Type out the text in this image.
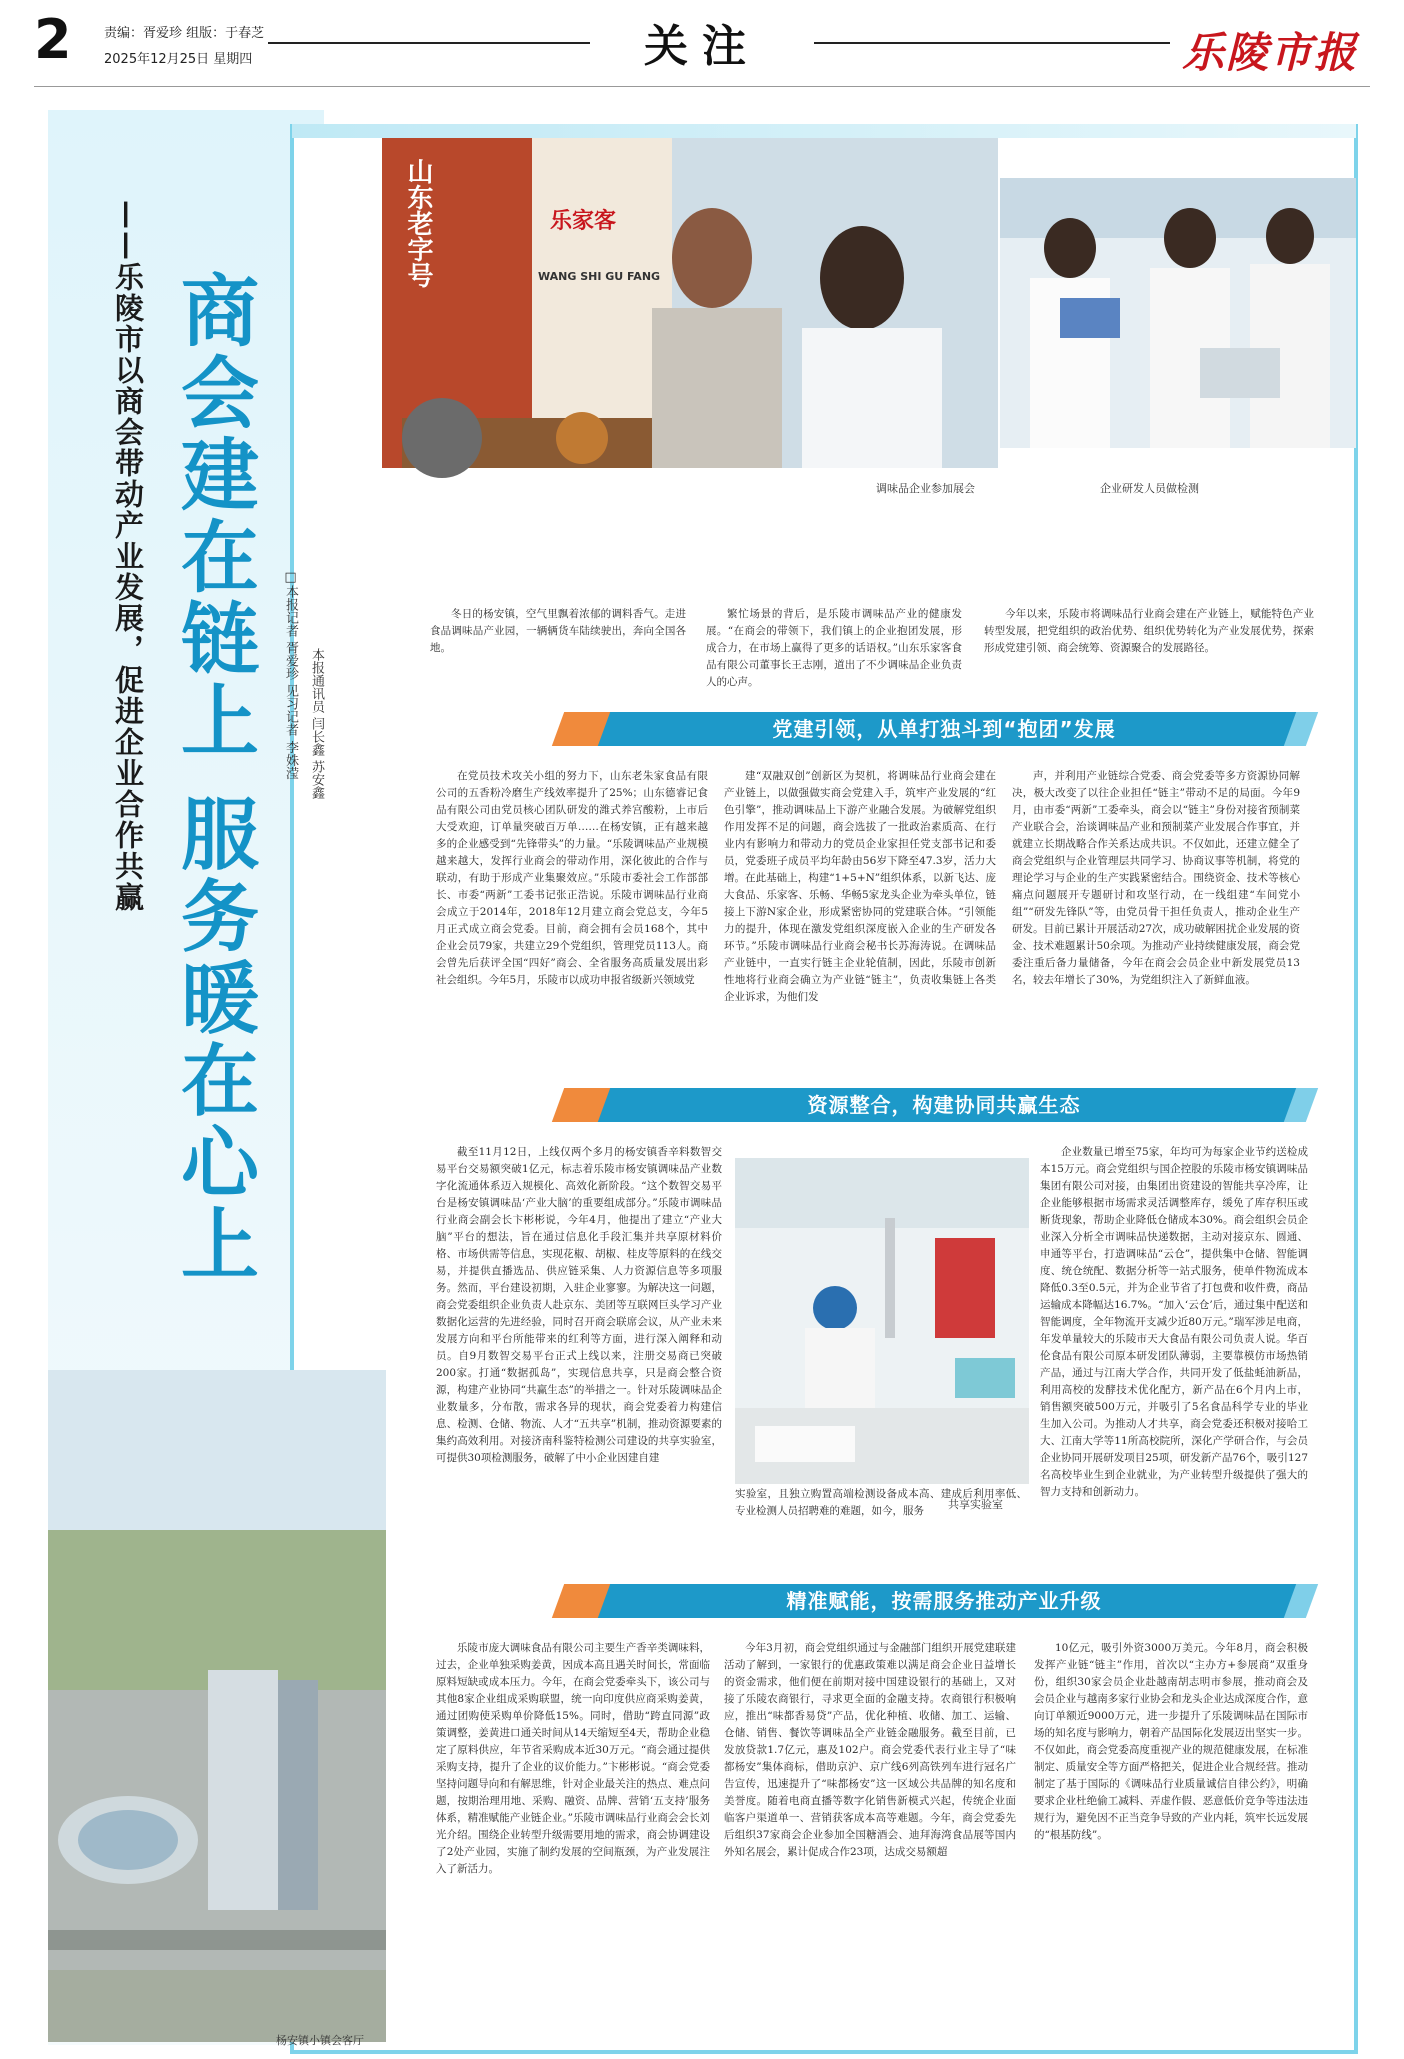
2 责编：胥爱珍 组版：于春芝
2025年12月25日 星期四	关注	乐陵市报
商会建在链上 服务暖在心上
——乐陵市以商会带动产业发展，促进企业合作共赢	□本报记者 胥爱珍 见习记者 李姝滢 本报通讯员 闫长鑫 苏安鑫
山东老字号	乐家客
WANG SHI GU FANG
调味品企业参加展会	企业研发人员做检测
冬日的杨安镇，空气里飘着浓郁的调料香气。走进食品调味品产业园，一辆辆货车陆续驶出，奔向全国各地。
繁忙场景的背后，是乐陵市调味品产业的健康发展。“在商会的带领下，我们镇上的企业抱团发展，形成合力，在市场上赢得了更多的话语权。”山东乐家客食品有限公司董事长王志刚，道出了不少调味品企业负责人的心声。
今年以来，乐陵市将调味品行业商会建在产业链上，赋能特色产业转型发展，把党组织的政治优势、组织优势转化为产业发展优势，探索形成党建引领、商会统筹、资源聚合的发展路径。
党建引领，从单打独斗到“抱团”发展
在党员技术攻关小组的努力下，山东老朱家食品有限公司的五香粉冷磨生产线效率提升了25%；山东德睿记食品有限公司由党员核心团队研发的潍式养宫酸粉，上市后大受欢迎，订单量突破百万单……在杨安镇，正有越来越多的企业感受到“先锋带头”的力量。“乐陵调味品产业规模越来越大，发挥行业商会的带动作用，深化彼此的合作与联动，有助于形成产业集聚效应。”乐陵市委社会工作部部长、市委“两新”工委书记张正浩说。乐陵市调味品行业商会成立于2014年，2018年12月建立商会党总支，今年5月正式成立商会党委。目前，商会拥有会员168个，其中企业会员79家，共建立29个党组织，管理党员113人。商会曾先后获评全国“四好”商会、全省服务高质量发展出彩社会组织。今年5月，乐陵市以成功申报省级新兴领域党
建“双融双创”创新区为契机，将调味品行业商会建在产业链上，以做强做实商会党建入手，筑牢产业发展的“红色引擎”，推动调味品上下游产业融合发展。为破解党组织作用发挥不足的问题，商会选拔了一批政治素质高、在行业内有影响力和带动力的党员企业家担任党支部书记和委员，党委班子成员平均年龄由56岁下降至47.3岁，活力大增。在此基础上，构建“1+5+N”组织体系，以新飞达、庞大食品、乐家客、乐畅、华畅5家龙头企业为牵头单位，链接上下游N家企业，形成紧密协同的党建联合体。“引领能力的提升，体现在激发党组织深度嵌入企业的生产研发各环节。”乐陵市调味品行业商会秘书长苏海涛说。在调味品产业链中，一直实行链主企业轮值制，因此，乐陵市创新性地将行业商会确立为产业链“链主”，负责收集链上各类企业诉求，为他们发
声，并利用产业链综合党委、商会党委等多方资源协同解决，极大改变了以往企业担任“链主”带动不足的局面。今年9月，由市委“两新”工委牵头，商会以“链主”身份对接省预制菜产业联合会，治谈调味品产业和预制菜产业发展合作事宜，并就建立长期战略合作关系达成共识。不仅如此，还建立健全了商会党组织与企业管理层共同学习、协商议事等机制，将党的理论学习与企业的生产实践紧密结合。围绕资金、技术等核心痛点问题展开专题研讨和攻坚行动，在一线组建“车间党小组”“研发先锋队”等，由党员骨干担任负责人，推动企业生产研发。目前已累计开展活动27次，成功破解困扰企业发展的资金、技术难题累计50余项。为推动产业持续健康发展，商会党委注重后备力量储备，今年在商会会员企业中新发展党员13名，较去年增长了30%，为党组织注入了新鲜血液。
资源整合，构建协同共赢生态
截至11月12日，上线仅两个多月的杨安镇香辛料数智交易平台交易额突破1亿元，标志着乐陵市杨安镇调味品产业数字化流通体系迈入规模化、高效化新阶段。“这个数智交易平台是杨安镇调味品‘产业大脑’的重要组成部分。”乐陵市调味品行业商会副会长卞彬彬说，今年4月，他提出了建立“产业大脑”平台的想法，旨在通过信息化手段汇集并共享原材料价格、市场供需等信息，实现花椒、胡椒、桂皮等原料的在线交易，并提供直播选品、供应链采集、人力资源信息等多项服务。然而，平台建设初期，入驻企业寥寥。为解决这一问题，商会党委组织企业负责人赴京东、美团等互联网巨头学习产业数据化运营的先进经验，同时召开商会联席会议，从产业未来发展方向和平台所能带来的红利等方面，进行深入阐释和动员。自9月数智交易平台正式上线以来，注册交易商已突破200家。打通“数据孤岛”，实现信息共享，只是商会整合资源，构建产业协同“共赢生态”的举措之一。针对乐陵调味品企业数量多，分布散，需求各异的现状，商会党委着力构建信息、检测、仓储、物流、人才“五共享”机制，推动资源要素的集约高效利用。对接济南科鉴特检测公司建设的共享实验室，可提供30项检测服务，破解了中小企业因建自建
共享实验室
实验室，且独立购置高端检测设备成本高、建成后利用率低、专业检测人员招聘难的难题，如今，服务
企业数量已增至75家，年均可为每家企业节约送检成本15万元。商会党组织与国企控股的乐陵市杨安镇调味品集团有限公司对接，由集团出资建设的智能共享冷库，让企业能够根据市场需求灵活调整库存，缓免了库存积压或断货现象，帮助企业降低仓储成本30%。商会组织会员企业深入分析全市调味品快递数据，主动对接京东、圆通、申通等平台，打造调味品“云仓”，提供集中仓储、智能调度、统仓统配、数据分析等一站式服务，使单件物流成本降低0.3至0.5元，并为企业节省了打包费和收件费，商品运输成本降幅达16.7%。“加入‘云仓’后，通过集中配送和智能调度，全年物流开支减少近80万元。”瑞军涉足电商，年发单量较大的乐陵市天大食品有限公司负责人说。华百伦食品有限公司原本研发团队薄弱，主要靠模仿市场热销产品，通过与江南大学合作，共同开发了低盐蚝油新品，利用高校的发酵技术优化配方，新产品在6个月内上市，销售额突破500万元，并吸引了5名食品科学专业的毕业生加入公司。为推动人才共享，商会党委还积极对接哈工大、江南大学等11所高校院所，深化产学研合作，与会员企业协同开展研发项目25项，研发新产品76个，吸引127名高校毕业生到企业就业，为产业转型升级提供了强大的智力支持和创新动力。
精准赋能，按需服务推动产业升级
乐陵市庞大调味食品有限公司主要生产香辛类调味料，过去，企业单独采购姜黄，因成本高且遇关时间长，常面临原料短缺或成本压力。今年，在商会党委牵头下，该公司与其他8家企业组成采购联盟，统一向印度供应商采购姜黄，通过团购使采购单价降低15%。同时，借助“跨直同源”政策调整，姜黄进口通关时间从14天缩短至4天，帮助企业稳定了原料供应，年节省采购成本近30万元。“商会通过提供采购支持，提升了企业的议价能力。”卞彬彬说。“商会党委坚持问题导向和有解思维，针对企业最关注的热点、难点问题，按期治理用地、采购、融资、品牌、营销‘五支持’服务体系，精准赋能产业链企业。”乐陵市调味品行业商会会长刘光介绍。围绕企业转型升级需要用地的需求，商会协调建设了2处产业园，实施了制约发展的空间瓶颈，为产业发展注入了新活力。
今年3月初，商会党组织通过与金融部门组织开展党建联建活动了解到，一家银行的优惠政策难以满足商会企业日益增长的资金需求，他们便在前期对接中国建设银行的基础上，又对接了乐陵农商银行，寻求更全面的金融支持。农商银行积极响应，推出“味都香易贷”产品，优化种植、收储、加工、运输、仓储、销售、餐饮等调味品全产业链金融服务。截至目前，已发放贷款1.7亿元，惠及102户。商会党委代表行业主导了“味都杨安”集体商标，借助京沪、京广线6列高铁列车进行冠名广告宣传，迅速提升了“味都杨安”这一区域公共品牌的知名度和美誉度。随着电商直播等数字化销售新模式兴起，传统企业面临客户渠道单一、营销获客成本高等难题。今年，商会党委先后组织37家商会企业参加全国糖酒会、迪拜海湾食品展等国内外知名展会，累计促成合作23项，达成交易额超
10亿元，吸引外资3000万美元。今年8月，商会积极发挥产业链“链主”作用，首次以“主办方+参展商”双重身份，组织30家会员企业赴越南胡志明市参展，推动商会及会员企业与越南多家行业协会和龙头企业达成深度合作，意向订单额近9000万元，进一步提升了乐陵调味品在国际市场的知名度与影响力，朝着产品国际化发展迈出坚实一步。不仅如此，商会党委高度重视产业的规范健康发展，在标准制定、质量安全等方面严格把关，促进企业合规经营。推动制定了基于国际的《调味品行业质量诚信自律公约》，明确要求企业杜绝偷工减料、弄虚作假、恶意低价竞争等违法违规行为，避免因不正当竞争导致的产业内耗，筑牢长远发展的“根基防线”。
杨安镇小镇会客厅
